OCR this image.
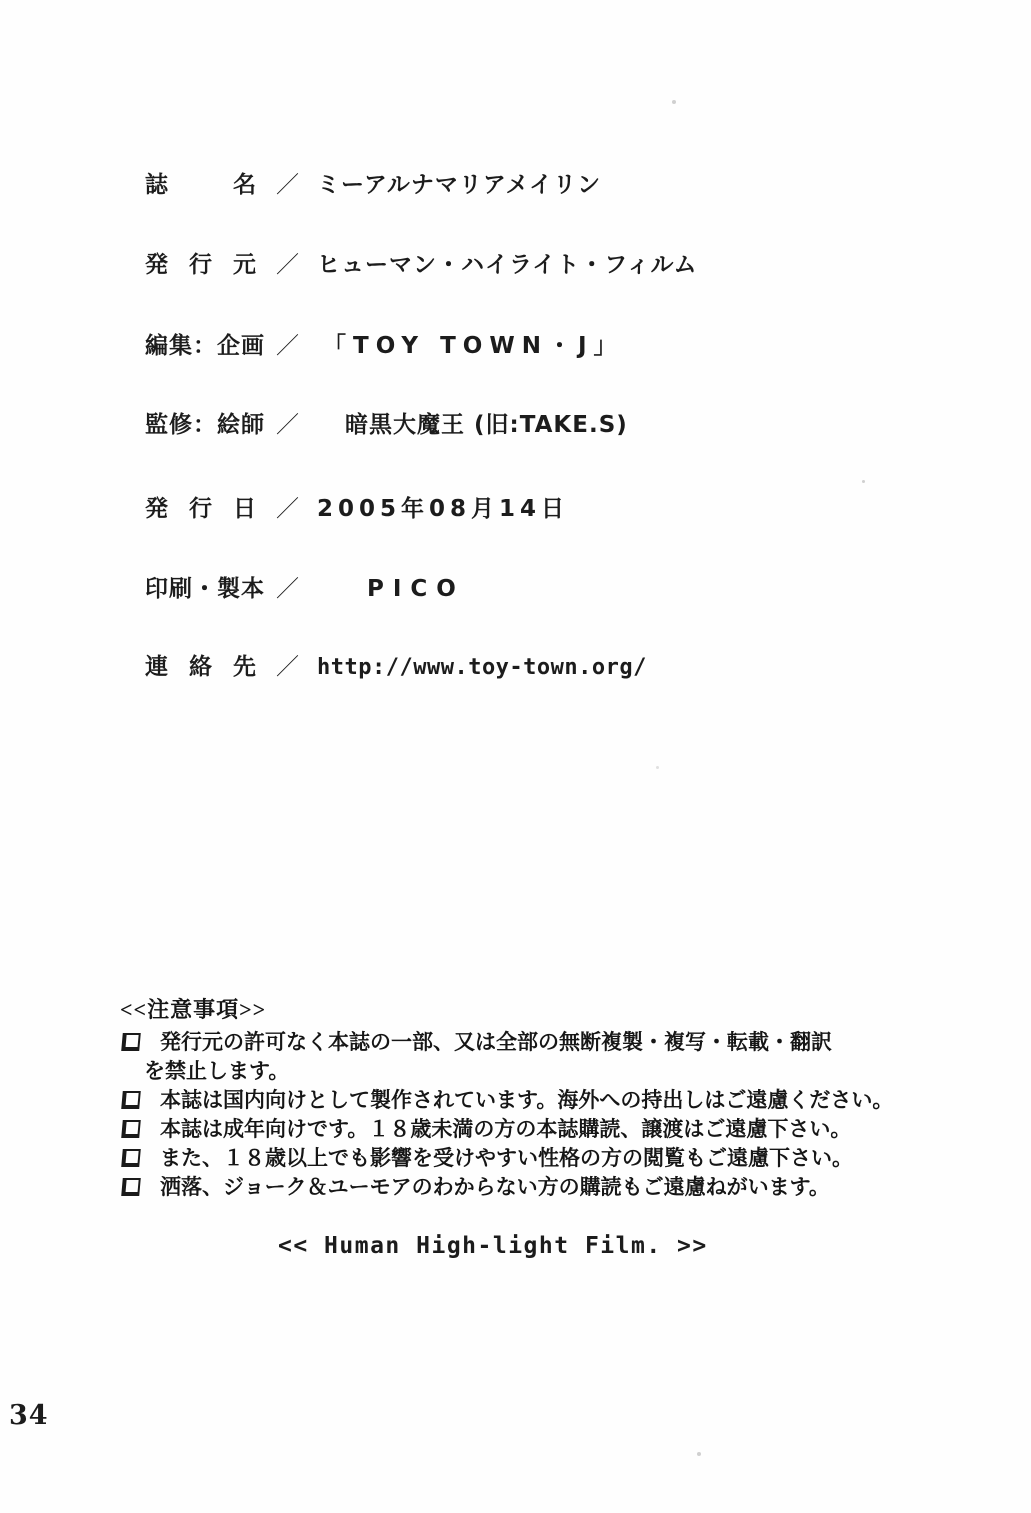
誌名 ／ ミーアルナマリアメイリン
発行元 ／ ヒューマン・ハイライト・フィルム
編集：企画 ／ 「TOY TOWN・J」
監修：絵師 ／ 暗黒大魔王 (旧:TAKE.S)
発行日 ／ 2005年08月14日
印刷・製本 ／	PICO
連絡先 ／ http://www.toy-town.org/
<<注意事項>>
発行元の許可なく本誌の一部、又は全部の無断複製・複写・転載・翻訳
を禁止します。
本誌は国内向けとして製作されています。海外への持出しはご遠慮ください。
本誌は成年向けです。１８歳未満の方の本誌購読、譲渡はご遠慮下さい。
また、１８歳以上でも影響を受けやすい性格の方の閲覧もご遠慮下さい。
洒落、ジョーク＆ユーモアのわからない方の購読もご遠慮ねがいます。
<< Human High-light Film. >>
34
